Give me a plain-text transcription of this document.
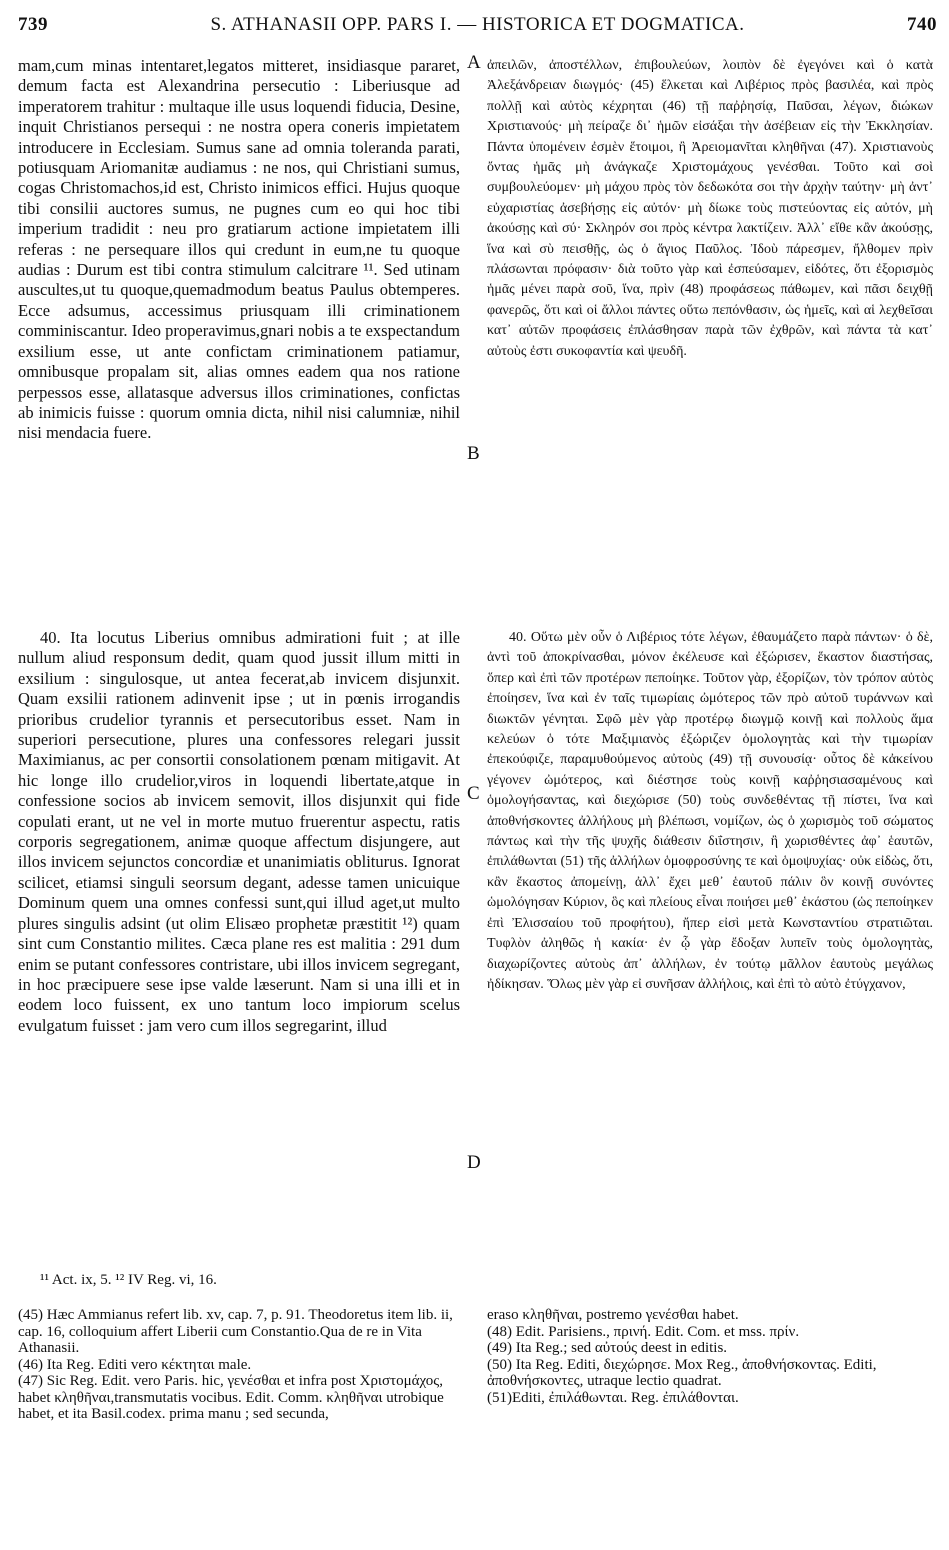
739	S. ATHANASII OPP. PARS I. — HISTORICA ET DOGMATICA.	740
A
B
C
D

mam,cum minas intentaret,legatos mitteret, insidiasque pararet, demum facta est Alexandrina persecutio : Liberiusque ad imperatorem trahitur : multaque ille usus loquendi fiducia, Desine, inquit Christianos persequi : ne nostra opera coneris impietatem introducere in Ecclesiam. Sumus sane ad omnia toleranda parati, potiusquam Ariomanitæ audiamus : ne nos, qui Christiani sumus, cogas Christomachos,id est, Christo inimicos effici. Hujus quoque tibi consilii auctores sumus, ne pugnes cum eo qui hoc tibi imperium tradidit : neu pro gratiarum actione impietatem illi referas : ne persequare illos qui credunt in eum,ne tu quoque audias : Durum est tibi contra stimulum calcitrare ¹¹. Sed utinam auscultes,ut tu quoque,quemadmodum beatus Paulus obtemperes. Ecce adsumus, accessimus priusquam illi criminationem comminiscantur. Ideo properavimus,gnari nobis a te exspectandum exsilium esse, ut ante confictam criminationem patiamur, omnibusque propalam sit, alias omnes eadem qua nos ratione perpessos esse, allatasque adversus illos criminationes, confictas ab inimicis fuisse : quorum omnia dicta, nihil nisi calumniæ, nihil nisi mendacia fuere.

40. Ita locutus Liberius omnibus admirationi fuit ; at ille nullum aliud responsum dedit, quam quod jussit illum mitti in exsilium : singulosque, ut antea fecerat,ab invicem disjunxit. Quam exsilii rationem adinvenit ipse ; ut in pœnis irrogandis prioribus crudelior tyrannis et persecutoribus esset. Nam in superiori persecutione, plures una confessores relegari jussit Maximianus, ac per consortii consolationem pœnam mitigavit. At hic longe illo crudelior,viros in loquendi libertate,atque in confessione socios ab invicem semovit, illos disjunxit qui fide copulati erant, ut ne vel in morte mutuo fruerentur aspectu, ratis corporis segregationem, animæ quoque affectum disjungere, aut illos invicem sejunctos concordiæ et unanimiatis obliturus. Ignorat scilicet, etiamsi singuli seorsum degant, adesse tamen unicuique Dominum quem una omnes confessi sunt,qui illud aget,ut multo plures singulis adsint (ut olim Elisæo prophetæ præstitit ¹²) quam sint cum Constantio milites. Cæca plane res est malitia : 291 dum enim se putant confessores contristare, ubi illos invicem segregant, in hoc præcipuere sese ipse valde læserunt. Nam si una illi et in eodem loco fuissent, ex uno tantum loco impiorum scelus evulgatum fuisset : jam vero cum illos segregarint, illud

ἀπειλῶν, ἀποστέλλων, ἐπιβουλεύων, λοιπὸν δὲ ἐγεγόνει καὶ ὁ κατὰ Ἀλεξάνδρειαν διωγμός· (45) ἕλκεται καὶ Λιβέριος πρὸς βασιλέα, καὶ πρὸς πολλῇ καὶ αὐτὸς κέχρηται (46) τῇ παῤῥησίᾳ, Παῦσαι, λέγων, διώκων Χριστιανούς· μὴ πείραζε δι᾽ ἡμῶν εἰσάξαι τὴν ἀσέβειαν εἰς τὴν Ἐκκλησίαν. Πάντα ὑπομένειν ἐσμὲν ἕτοιμοι, ἢ Ἀρειομανῖται κληθῆναι (47). Χριστιανοὺς ὄντας ἡμᾶς μὴ ἀνάγκαζε Χριστομάχους γενέσθαι. Τοῦτο καὶ σοὶ συμβουλεύομεν· μὴ μάχου πρὸς τὸν δεδωκότα σοι τὴν ἀρχὴν ταύτην· μὴ ἀντ᾽ εὐχαριστίας ἀσεβήσῃς εἰς αὐτόν· μὴ δίωκε τοὺς πιστεύοντας εἰς αὐτόν, μὴ ἀκούσῃς καὶ σύ· Σκληρόν σοι πρὸς κέντρα λακτίζειν. Ἀλλ᾽ εἴθε κἂν ἀκούσῃς, ἵνα καὶ σὺ πεισθῇς, ὡς ὁ ἅγιος Παῦλος. Ἰδοὺ πάρεσμεν, ἤλθομεν πρὶν πλάσωνται πρόφασιν· διὰ τοῦτο γὰρ καὶ ἐσπεύσαμεν, εἰδότες, ὅτι ἐξορισμὸς ἡμᾶς μένει παρὰ σοῦ, ἵνα, πρὶν (48) προφάσεως πάθωμεν, καὶ πᾶσι δειχθῇ φανερῶς, ὅτι καὶ οἱ ἄλλοι πάντες οὕτω πεπόνθασιν, ὡς ἡμεῖς, καὶ αἱ λεχθεῖσαι κατ᾽ αὐτῶν προφάσεις ἐπλάσθησαν παρὰ τῶν ἐχθρῶν, καὶ πάντα τὰ κατ᾽ αὐτοὺς ἐστι συκοφαντία καὶ ψευδῆ.

40. Οὕτω μὲν οὖν ὁ Λιβέριος τότε λέγων, ἐθαυμάζετο παρὰ πάντων· ὁ δὲ, ἀντὶ τοῦ ἀποκρίνασθαι, μόνον ἐκέλευσε καὶ ἐξώρισεν, ἕκαστον διαστήσας, ὅπερ καὶ ἐπὶ τῶν προτέρων πεποίηκε. Τοῦτον γὰρ, ἐξορίζων, τὸν τρόπον αὐτὸς ἐποίησεν, ἵνα καὶ ἐν ταῖς τιμωρίαις ὠμότερος τῶν πρὸ αὐτοῦ τυράννων καὶ διωκτῶν γένηται. Σφῶ μὲν γὰρ προτέρῳ διωγμῷ κοινῇ καὶ πολλοὺς ἅμα κελεύων ὁ τότε Μαξιμιανὸς ἐξώριζεν ὁμολογητὰς καὶ τὴν τιμωρίαν ἐπεκούφιζε, παραμυθούμενος αὐτοὺς (49) τῇ συνουσίᾳ· οὗτος δὲ κἀκείνου γέγονεν ὠμότερος, καὶ διέστησε τοὺς κοινῇ καῤῥησιασαμένους καὶ ὁμολογήσαντας, καὶ διεχώρισε (50) τοὺς συνδεθέντας τῇ πίστει, ἵνα καὶ ἀποθνήσκοντες ἀλλήλους μὴ βλέπωσι, νομίζων, ὡς ὁ χωρισμὸς τοῦ σώματος πάντως καὶ τὴν τῆς ψυχῆς διάθεσιν διΐστησιν, ἢ χωρισθέντες ἀφ᾽ ἑαυτῶν, ἐπιλάθωνται (51) τῆς ἀλλήλων ὁμοφροσύνης τε καὶ ὁμοψυχίας· οὐκ εἰδὼς, ὅτι, κἂν ἕκαστος ἀπομείνῃ, ἀλλ᾽ ἔχει μεθ᾽ ἑαυτοῦ πάλιν ὃν κοινῇ συνόντες ὡμολόγησαν Κύριον, ὃς καὶ πλείους εἶναι ποιήσει μεθ᾽ ἑκάστου (ὡς πεποίηκεν ἐπὶ Ἐλισσαίου τοῦ προφήτου), ἤπερ εἰσὶ μετὰ Κωνσταντίου στρατιῶται. Τυφλὸν ἀληθῶς ἡ κακία· ἐν ᾧ γὰρ ἔδοξαν λυπεῖν τοὺς ὁμολογητὰς, διαχωρίζοντες αὐτοὺς ἀπ᾽ ἀλλήλων, ἐν τούτῳ μᾶλλον ἑαυτοὺς μεγάλως ἠδίκησαν. Ὅλως μὲν γὰρ εἰ συνῆσαν ἀλλήλοις, καὶ ἐπὶ τὸ αὐτὸ ἐτύγχανον,

¹¹ Act. ix, 5. ¹² IV Reg. vi, 16.

(45) Hæc Ammianus refert lib. xv, cap. 7, p. 91. Theodoretus item lib. ii, cap. 16, colloquium affert Liberii cum Constantio.Qua de re in Vita Athanasii.

(46) Ita Reg. Editi vero κέκτηται male.

(47) Sic Reg. Edit. vero Paris. hic, γενέσθαι et infra post Χριστομάχος, habet κληθῆναι,transmutatis vocibus. Edit. Comm. κληθῆναι utrobique habet, et ita Basil.codex. prima manu ; sed secunda,

eraso κληθῆναι, postremo γενέσθαι habet.

(48) Edit. Parisiens., πρινή. Edit. Com. et mss. πρίν.

(49) Ita Reg.; sed αὐτούς deest in editis.

(50) Ita Reg. Editi, διεχώρησε. Mox Reg., ἀποθνήσκοντας. Editi, ἀποθνήσκοντες, utraque lectio quadrat.

(51)Editi, ἐπιλάθωνται. Reg. ἐπιλάθονται.
